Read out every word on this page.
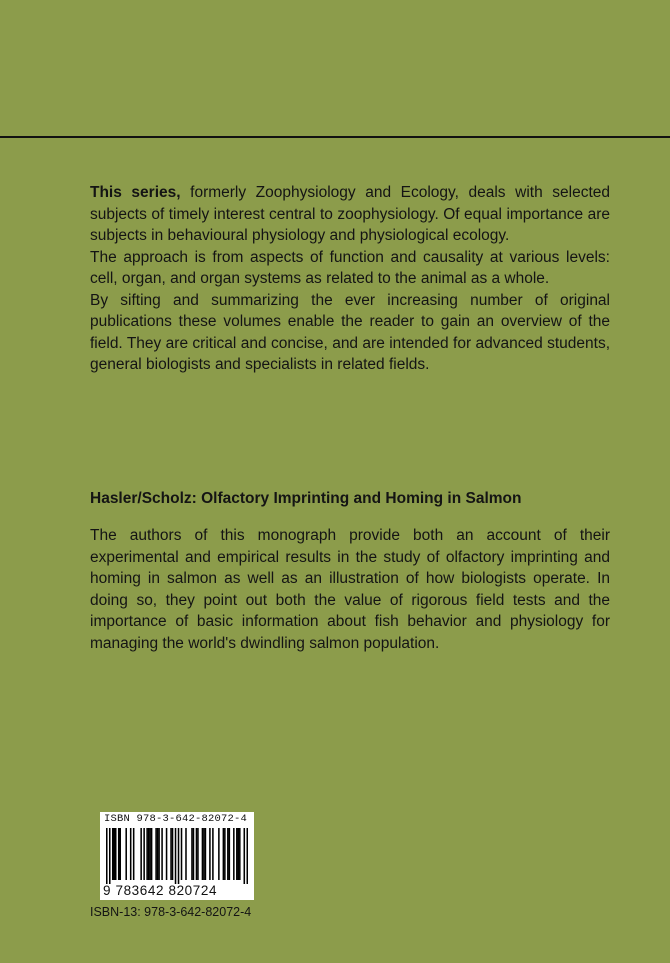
This series, formerly Zoophysiology and Ecology, deals with selected subjects of timely interest central to zoophysiology. Of equal importance are subjects in behavioural physiology and physiological ecology.

The approach is from aspects of function and causality at various levels: cell, organ, and organ systems as related to the animal as a whole.

By sifting and summarizing the ever increasing number of original publications these volumes enable the reader to gain an overview of the field. They are critical and concise, and are intended for advanced students, general biologists and specialists in related fields.

Hasler/Scholz: Olfactory Imprinting and Homing in Salmon

The authors of this monograph provide both an account of their experimental and empirical results in the study of olfactory imprinting and homing in salmon as well as an illustration of how biologists operate. In doing so, they point out both the value of rigorous field tests and the importance of basic information about fish behavior and physiology for managing the world's dwindling salmon population.

ISBN 978-3-642-82072-4
9 783642 820724
ISBN-13: 978-3-642-82072-4
